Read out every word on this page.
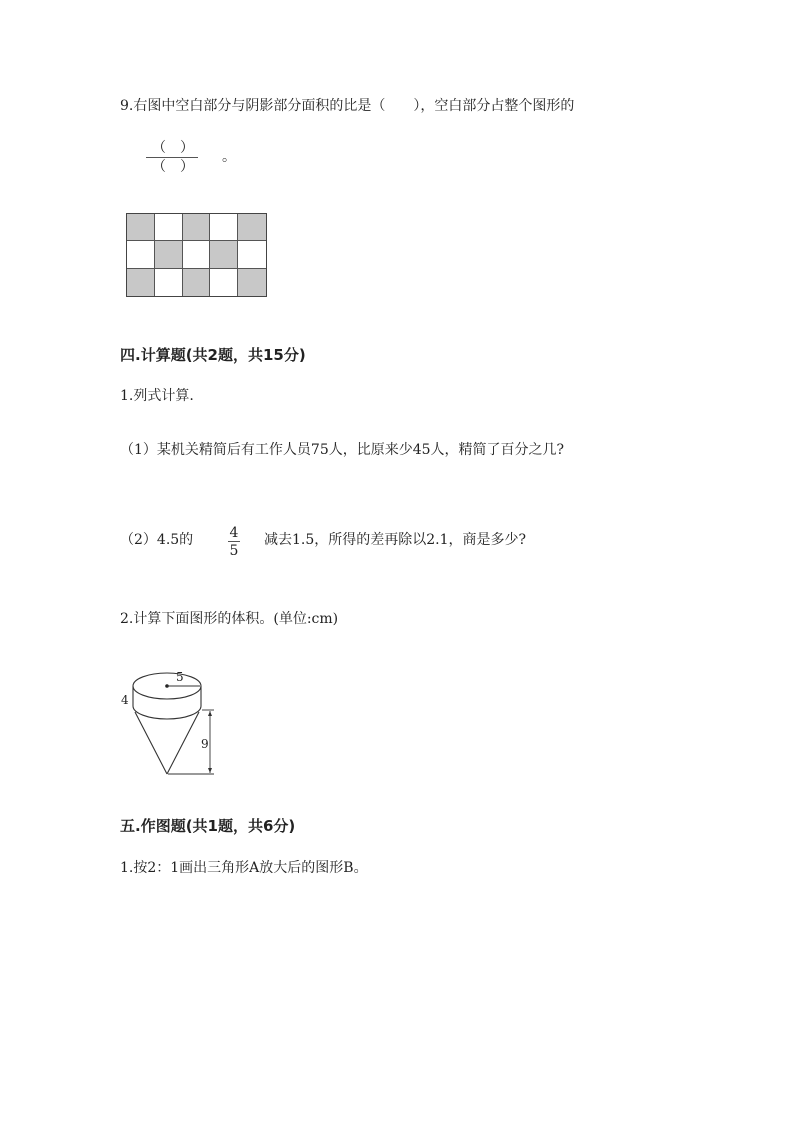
9.右图中空白部分与阴影部分面积的比是（　　），空白部分占整个图形的
（　）
（　）
。
四.计算题(共2题，共15分)
1.列式计算.
（1）某机关精简后有工作人员75人，比原来少45人，精简了百分之几?
（2）4.5的	4
5
减去1.5，所得的差再除以2.1，商是多少?
2.计算下面图形的体积。(单位:cm)
5
4
9
五.作图题(共1题，共6分)
1.按2：1画出三角形A放大后的图形B。
